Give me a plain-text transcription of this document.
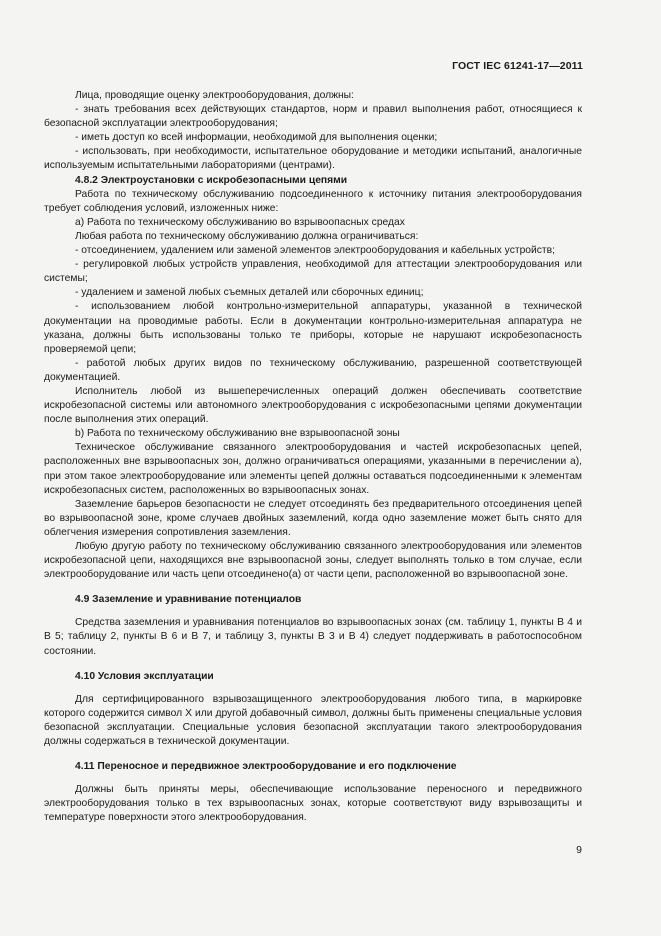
ГОСТ IEC 61241-17—2011

Лица, проводящие оценку электрооборудования, должны:

- знать требования всех действующих стандартов, норм и правил выполнения работ, относящиеся к безопасной эксплуатации электрооборудования;

- иметь доступ ко всей информации, необходимой для выполнения оценки;

- использовать, при необходимости, испытательное оборудование и методики испытаний, аналогичные используемым испытательными лабораториями (центрами).

4.8.2 Электроустановки с искробезопасными цепями

Работа по техническому обслуживанию подсоединенного к источнику питания электрооборудования требует соблюдения условий, изложенных ниже:

a) Работа по техническому обслуживанию во взрывоопасных средах

Любая работа по техническому обслуживанию должна ограничиваться:

- отсоединением, удалением или заменой элементов электрооборудования и кабельных устройств;

- регулировкой любых устройств управления, необходимой для аттестации электрооборудования или системы;

- удалением и заменой любых съемных деталей или сборочных единиц;

- использованием любой контрольно-измерительной аппаратуры, указанной в технической документации на проводимые работы. Если в документации контрольно-измерительная аппаратура не указана, должны быть использованы только те приборы, которые не нарушают искробезопасность проверяемой цепи;

- работой любых других видов по техническому обслуживанию, разрешенной соответствующей документацией.

Исполнитель любой из вышеперечисленных операций должен обеспечивать соответствие искробезопасной системы или автономного электрооборудования с искробезопасными цепями документации после выполнения этих операций.

b) Работа по техническому обслуживанию вне взрывоопасной зоны

Техническое обслуживание связанного электрооборудования и частей искробезопасных цепей, расположенных вне взрывоопасных зон, должно ограничиваться операциями, указанными в перечислении а), при этом такое электрооборудование или элементы цепей должны оставаться подсоединенными к элементам искробезопасных систем, расположенных во взрывоопасных зонах.

Заземление барьеров безопасности не следует отсоединять без предварительного отсоединения цепей во взрывоопасной зоне, кроме случаев двойных заземлений, когда одно заземление может быть снято для облегчения измерения сопротивления заземления.

Любую другую работу по техническому обслуживанию связанного электрооборудования или элементов искробезопасной цепи, находящихся вне взрывоопасной зоны, следует выполнять только в том случае, если электрооборудование или часть цепи отсоединено(а) от части цепи, расположенной во взрывоопасной зоне.

4.9 Заземление и уравнивание потенциалов

Средства заземления и уравнивания потенциалов во взрывоопасных зонах (см. таблицу 1, пункты В 4 и В 5; таблицу 2, пункты В 6 и В 7, и таблицу 3, пункты В 3 и В 4) следует поддерживать в работоспособном состоянии.

4.10 Условия эксплуатации

Для сертифицированного взрывозащищенного электрооборудования любого типа, в маркировке которого содержится символ X или другой добавочный символ, должны быть применены специальные условия безопасной эксплуатации. Специальные условия безопасной эксплуатации такого электрооборудования должны содержаться в технической документации.

4.11 Переносное и передвижное электрооборудование и его подключение

Должны быть приняты меры, обеспечивающие использование переносного и передвижного электрооборудования только в тех взрывоопасных зонах, которые соответствуют виду взрывозащиты и температуре поверхности этого электрооборудования.

9
